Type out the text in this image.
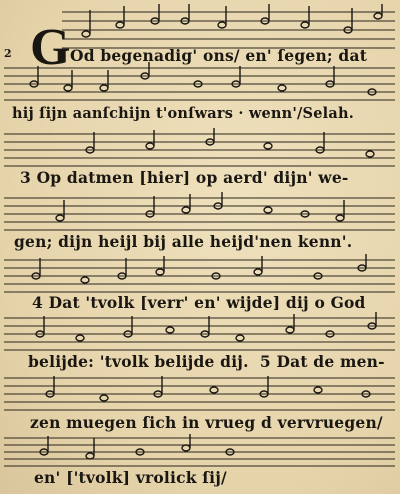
2 G Od begenadig' ons/ en' ſegen; dat
hij ſijn aanſchijn t'onſwars · wenn'/Selah.
3 Op datmen [hier] op aerd' dijn' we-
gen; dijn heijl bij alle heijd'nen kenn'.
4 Dat 'tvolk [verr' en' wijde] dij o God
belijde: 'tvolk belijde dij. 5 Dat de men-
zen muegen ſich in vrueg d vervruegen/
en' ['tvolk] vrolick ſij/
